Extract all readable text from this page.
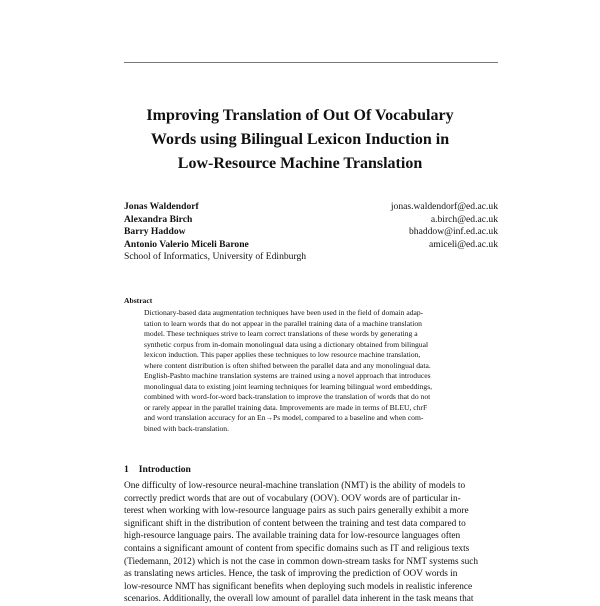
Improving Translation of Out Of Vocabulary
Words using Bilingual Lexicon Induction in
Low-Resource Machine Translation
Jonas Waldendorf	jonas.waldendorf@ed.ac.uk
Alexandra Birch	a.birch@ed.ac.uk
Barry Haddow	bhaddow@inf.ed.ac.uk
Antonio Valerio Miceli Barone	amiceli@ed.ac.uk
School of Informatics, University of Edinburgh
Abstract
Dictionary-based data augmentation techniques have been used in the field of domain adap-
tation to learn words that do not appear in the parallel training data of a machine translation
model. These techniques strive to learn correct translations of these words by generating a
synthetic corpus from in-domain monolingual data using a dictionary obtained from bilingual
lexicon induction. This paper applies these techniques to low resource machine translation,
where content distribution is often shifted between the parallel data and any monolingual data.
English-Pashto machine translation systems are trained using a novel approach that introduces
monolingual data to existing joint learning techniques for learning bilingual word embeddings,
combined with word-for-word back-translation to improve the translation of words that do not
or rarely appear in the parallel training data. Improvements are made in terms of BLEU, chrF
and word translation accuracy for an En→Ps model, compared to a baseline and when com-
bined with back-translation.
1 Introduction
One difficulty of low-resource neural-machine translation (NMT) is the ability of models to
correctly predict words that are out of vocabulary (OOV). OOV words are of particular in-
terest when working with low-resource language pairs as such pairs generally exhibit a more
significant shift in the distribution of content between the training and test data compared to
high-resource language pairs. The available training data for low-resource languages often
contains a significant amount of content from specific domains such as IT and religious texts
(Tiedemann, 2012) which is not the case in common down-stream tasks for NMT systems such
as translating news articles. Hence, the task of improving the prediction of OOV words in
low-resource NMT has significant benefits when deploying such models in realistic inference
scenarios. Additionally, the overall low amount of parallel data inherent in the task means that
